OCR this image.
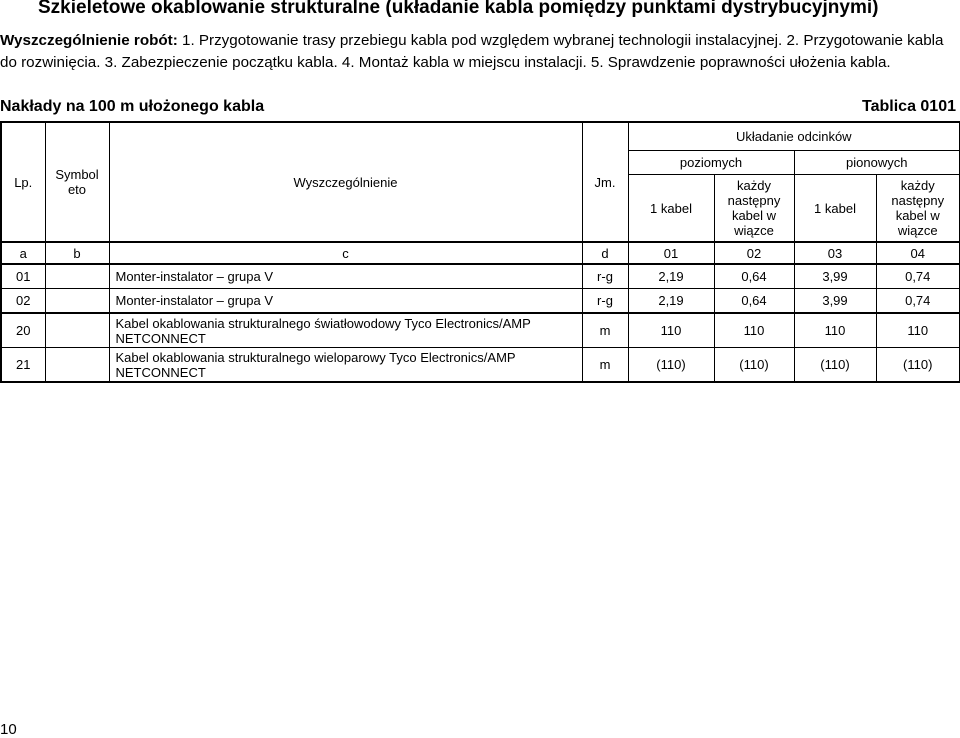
Szkieletowe okablowanie strukturalne (układanie kabla pomiędzy punktami dystrybucyjnymi)
Wyszczególnienie robót: 1. Przygotowanie trasy przebiegu kabla pod względem wybranej technologii instalacyjnej. 2. Przygotowanie kabla do rozwinięcia. 3. Zabezpieczenie początku kabla. 4. Montaż kabla w miejscu instalacji. 5. Sprawdzenie poprawności ułożenia kabla.
Nakłady na 100 m ułożonego kabla	Tablica 0101
Lp.	Symbol eto	Wyszczególnienie	Jm.	Układanie odcinków			
				poziomych		pionowych	
				1 kabel	każdy następny kabel w wiązce	1 kabel	każdy następny kabel w wiązce
a	b	c	d	01	02	03	04
01		Monter-instalator – grupa V	r-g	2,19	0,64	3,99	0,74
02		Monter-instalator – grupa V	r-g	2,19	0,64	3,99	0,74
20		Kabel okablowania strukturalnego światłowodowy Tyco Electronics/AMP NETCONNECT	m	110	110	110	110
21		Kabel okablowania strukturalnego wieloparowy Tyco Electronics/AMP NETCONNECT	m	(110)	(110)	(110)	(110)
10
